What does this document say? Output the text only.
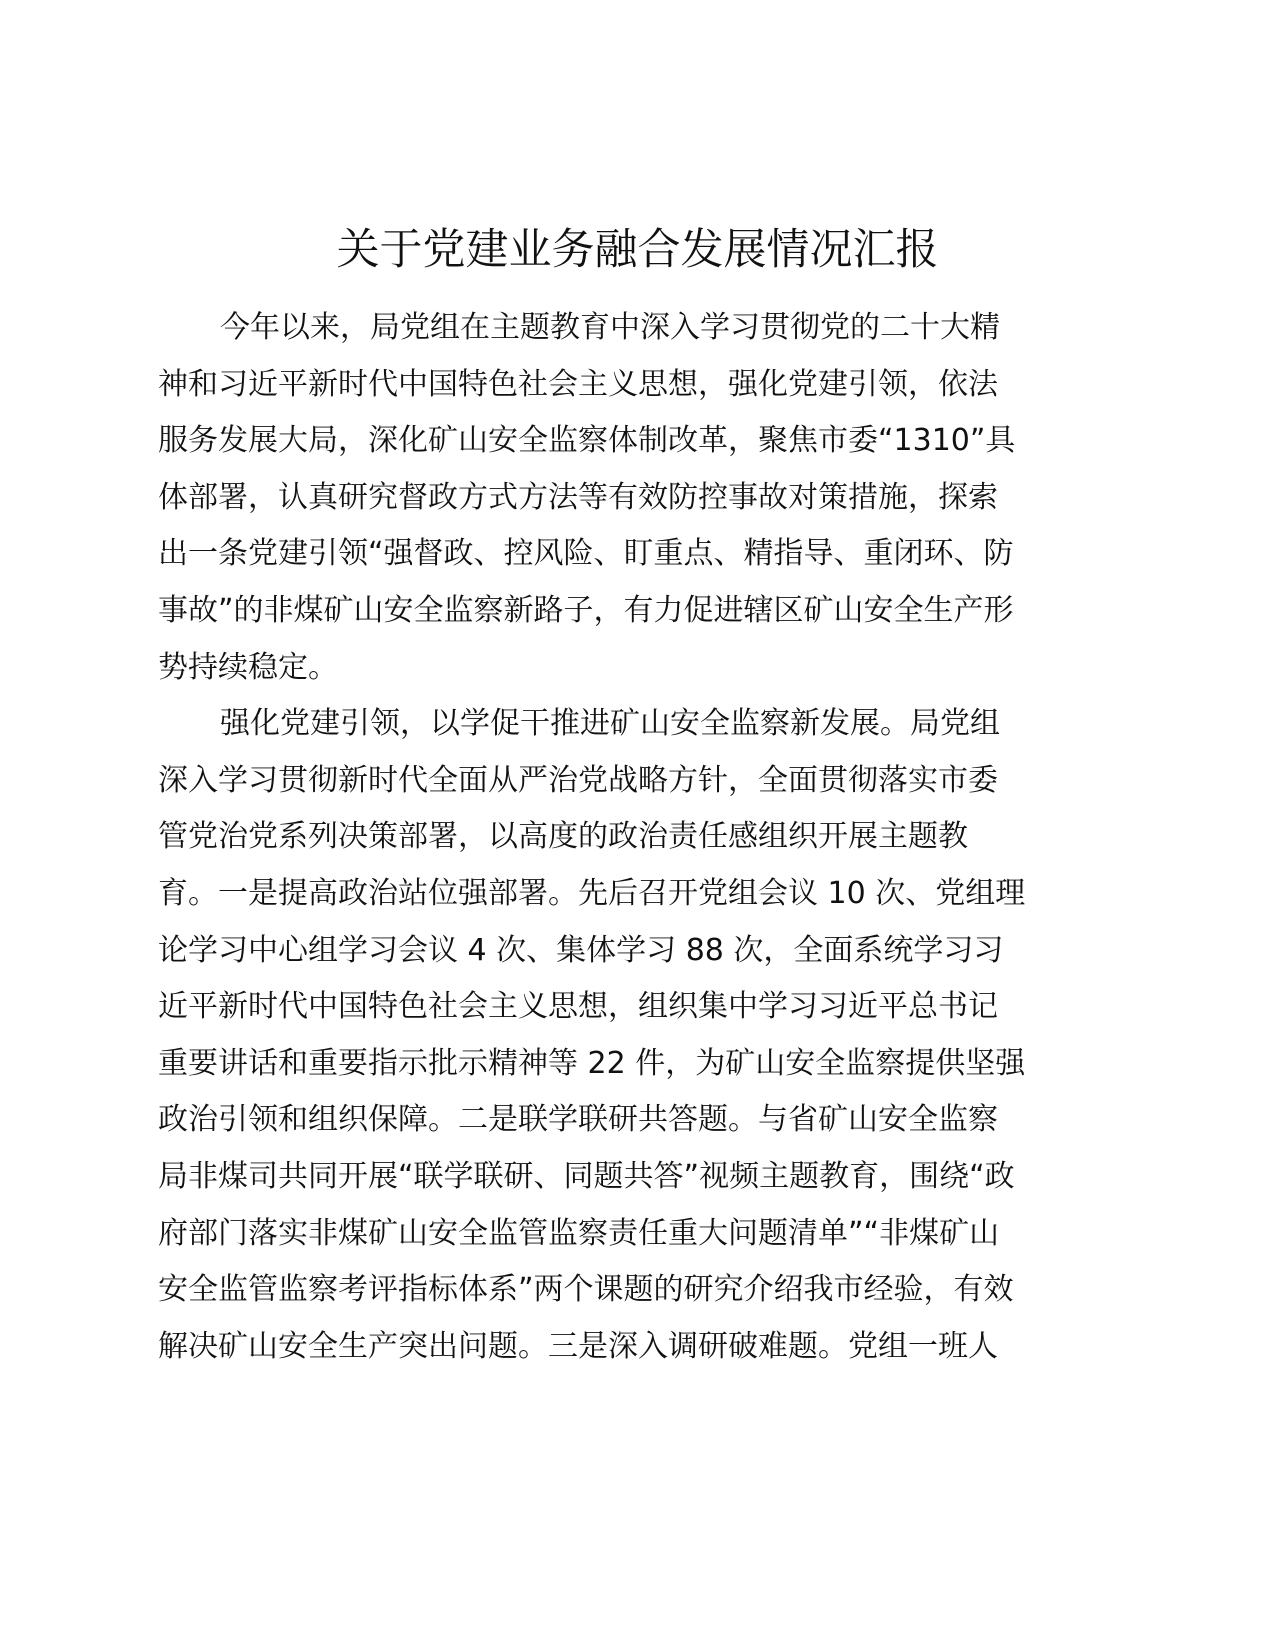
关于党建业务融合发展情况汇报

今年以来，局党组在主题教育中深入学习贯彻党的二十大精

神和习近平新时代中国特色社会主义思想，强化党建引领，依法

服务发展大局，深化矿山安全监察体制改革，聚焦市委“1310”具

体部署，认真研究督政方式方法等有效防控事故对策措施，探索

出一条党建引领“强督政、控风险、盯重点、精指导、重闭环、防

事故”的非煤矿山安全监察新路子，有力促进辖区矿山安全生产形

势持续稳定。

强化党建引领，以学促干推进矿山安全监察新发展。局党组

深入学习贯彻新时代全面从严治党战略方针，全面贯彻落实市委

管党治党系列决策部署，以高度的政治责任感组织开展主题教

育。一是提高政治站位强部署。先后召开党组会议 10 次、党组理

论学习中心组学习会议 4 次、集体学习 88 次，全面系统学习习

近平新时代中国特色社会主义思想，组织集中学习习近平总书记

重要讲话和重要指示批示精神等 22 件，为矿山安全监察提供坚强

政治引领和组织保障。二是联学联研共答题。与省矿山安全监察

局非煤司共同开展“联学联研、同题共答”视频主题教育，围绕“政

府部门落实非煤矿山安全监管监察责任重大问题清单”“非煤矿山

安全监管监察考评指标体系”两个课题的研究介绍我市经验，有效

解决矿山安全生产突出问题。三是深入调研破难题。党组一班人
